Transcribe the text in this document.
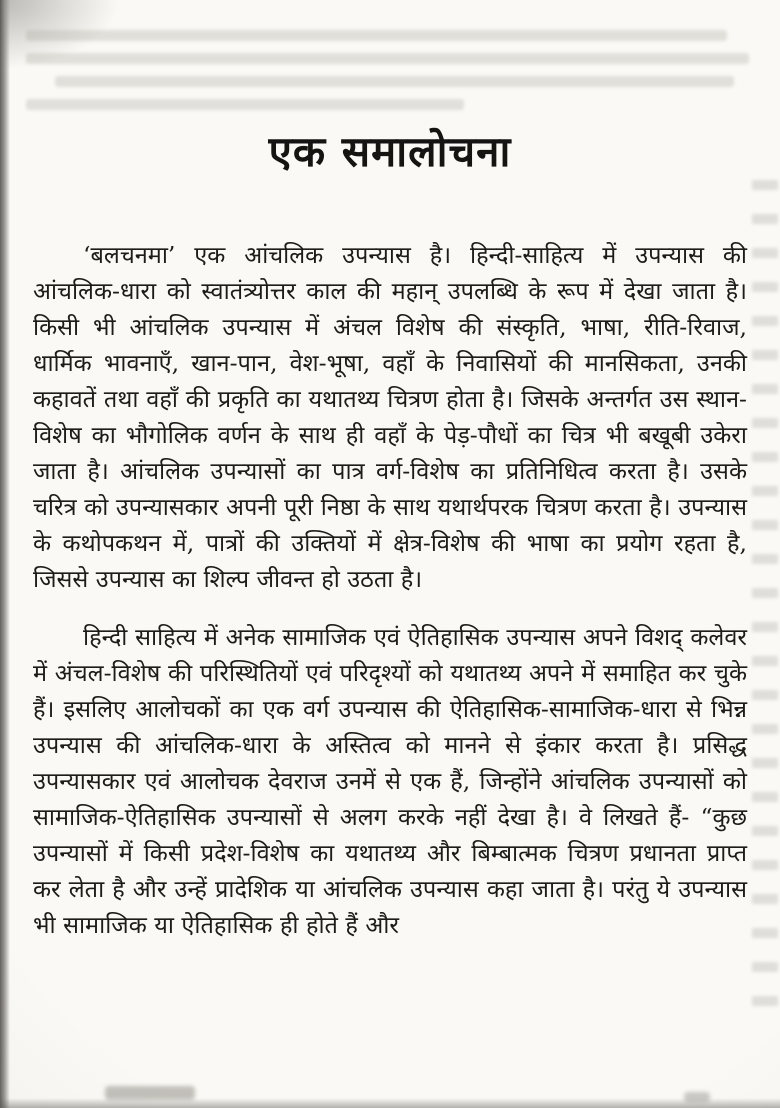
एक समालोचना

‘बलचनमा’ एक आंचलिक उपन्यास है। हिन्दी-साहित्य में उपन्यास की आंचलिक-धारा को स्वातंत्र्योत्तर काल की महान् उपलब्धि के रूप में देखा जाता है। किसी भी आंचलिक उपन्यास में अंचल विशेष की संस्कृति, भाषा, रीति-रिवाज, धार्मिक भावनाएँ, खान-पान, वेश-भूषा, वहाँ के निवासियों की मानसिकता, उनकी कहावतें तथा वहाँ की प्रकृति का यथातथ्य चित्रण होता है। जिसके अन्तर्गत उस स्थान-विशेष का भौगोलिक वर्णन के साथ ही वहाँ के पेड़-पौधों का चित्र भी बखूबी उकेरा जाता है। आंचलिक उपन्यासों का पात्र वर्ग-विशेष का प्रतिनिधित्व करता है। उसके चरित्र को उपन्यासकार अपनी पूरी निष्ठा के साथ यथार्थपरक चित्रण करता है। उपन्यास के कथोपकथन में, पात्रों की उक्तियों में क्षेत्र-विशेष की भाषा का प्रयोग रहता है, जिससे उपन्यास का शिल्प जीवन्त हो उठता है।

हिन्दी साहित्य में अनेक सामाजिक एवं ऐतिहासिक उपन्यास अपने विशद् कलेवर में अंचल-विशेष की परिस्थितियों एवं परिदृश्यों को यथातथ्य अपने में समाहित कर चुके हैं। इसलिए आलोचकों का एक वर्ग उपन्यास की ऐतिहासिक-सामाजिक-धारा से भिन्न उपन्यास की आंचलिक-धारा के अस्तित्व को मानने से इंकार करता है। प्रसिद्ध उपन्यासकार एवं आलोचक देवराज उनमें से एक हैं, जिन्होंने आंचलिक उपन्यासों को सामाजिक-ऐतिहासिक उपन्यासों से अलग करके नहीं देखा है। वे लिखते हैं- “कुछ उपन्यासों में किसी प्रदेश-विशेष का यथातथ्य और बिम्बात्मक चित्रण प्रधानता प्राप्त कर लेता है और उन्हें प्रादेशिक या आंचलिक उपन्यास कहा जाता है। परंतु ये उपन्यास भी सामाजिक या ऐतिहासिक ही होते हैं और
